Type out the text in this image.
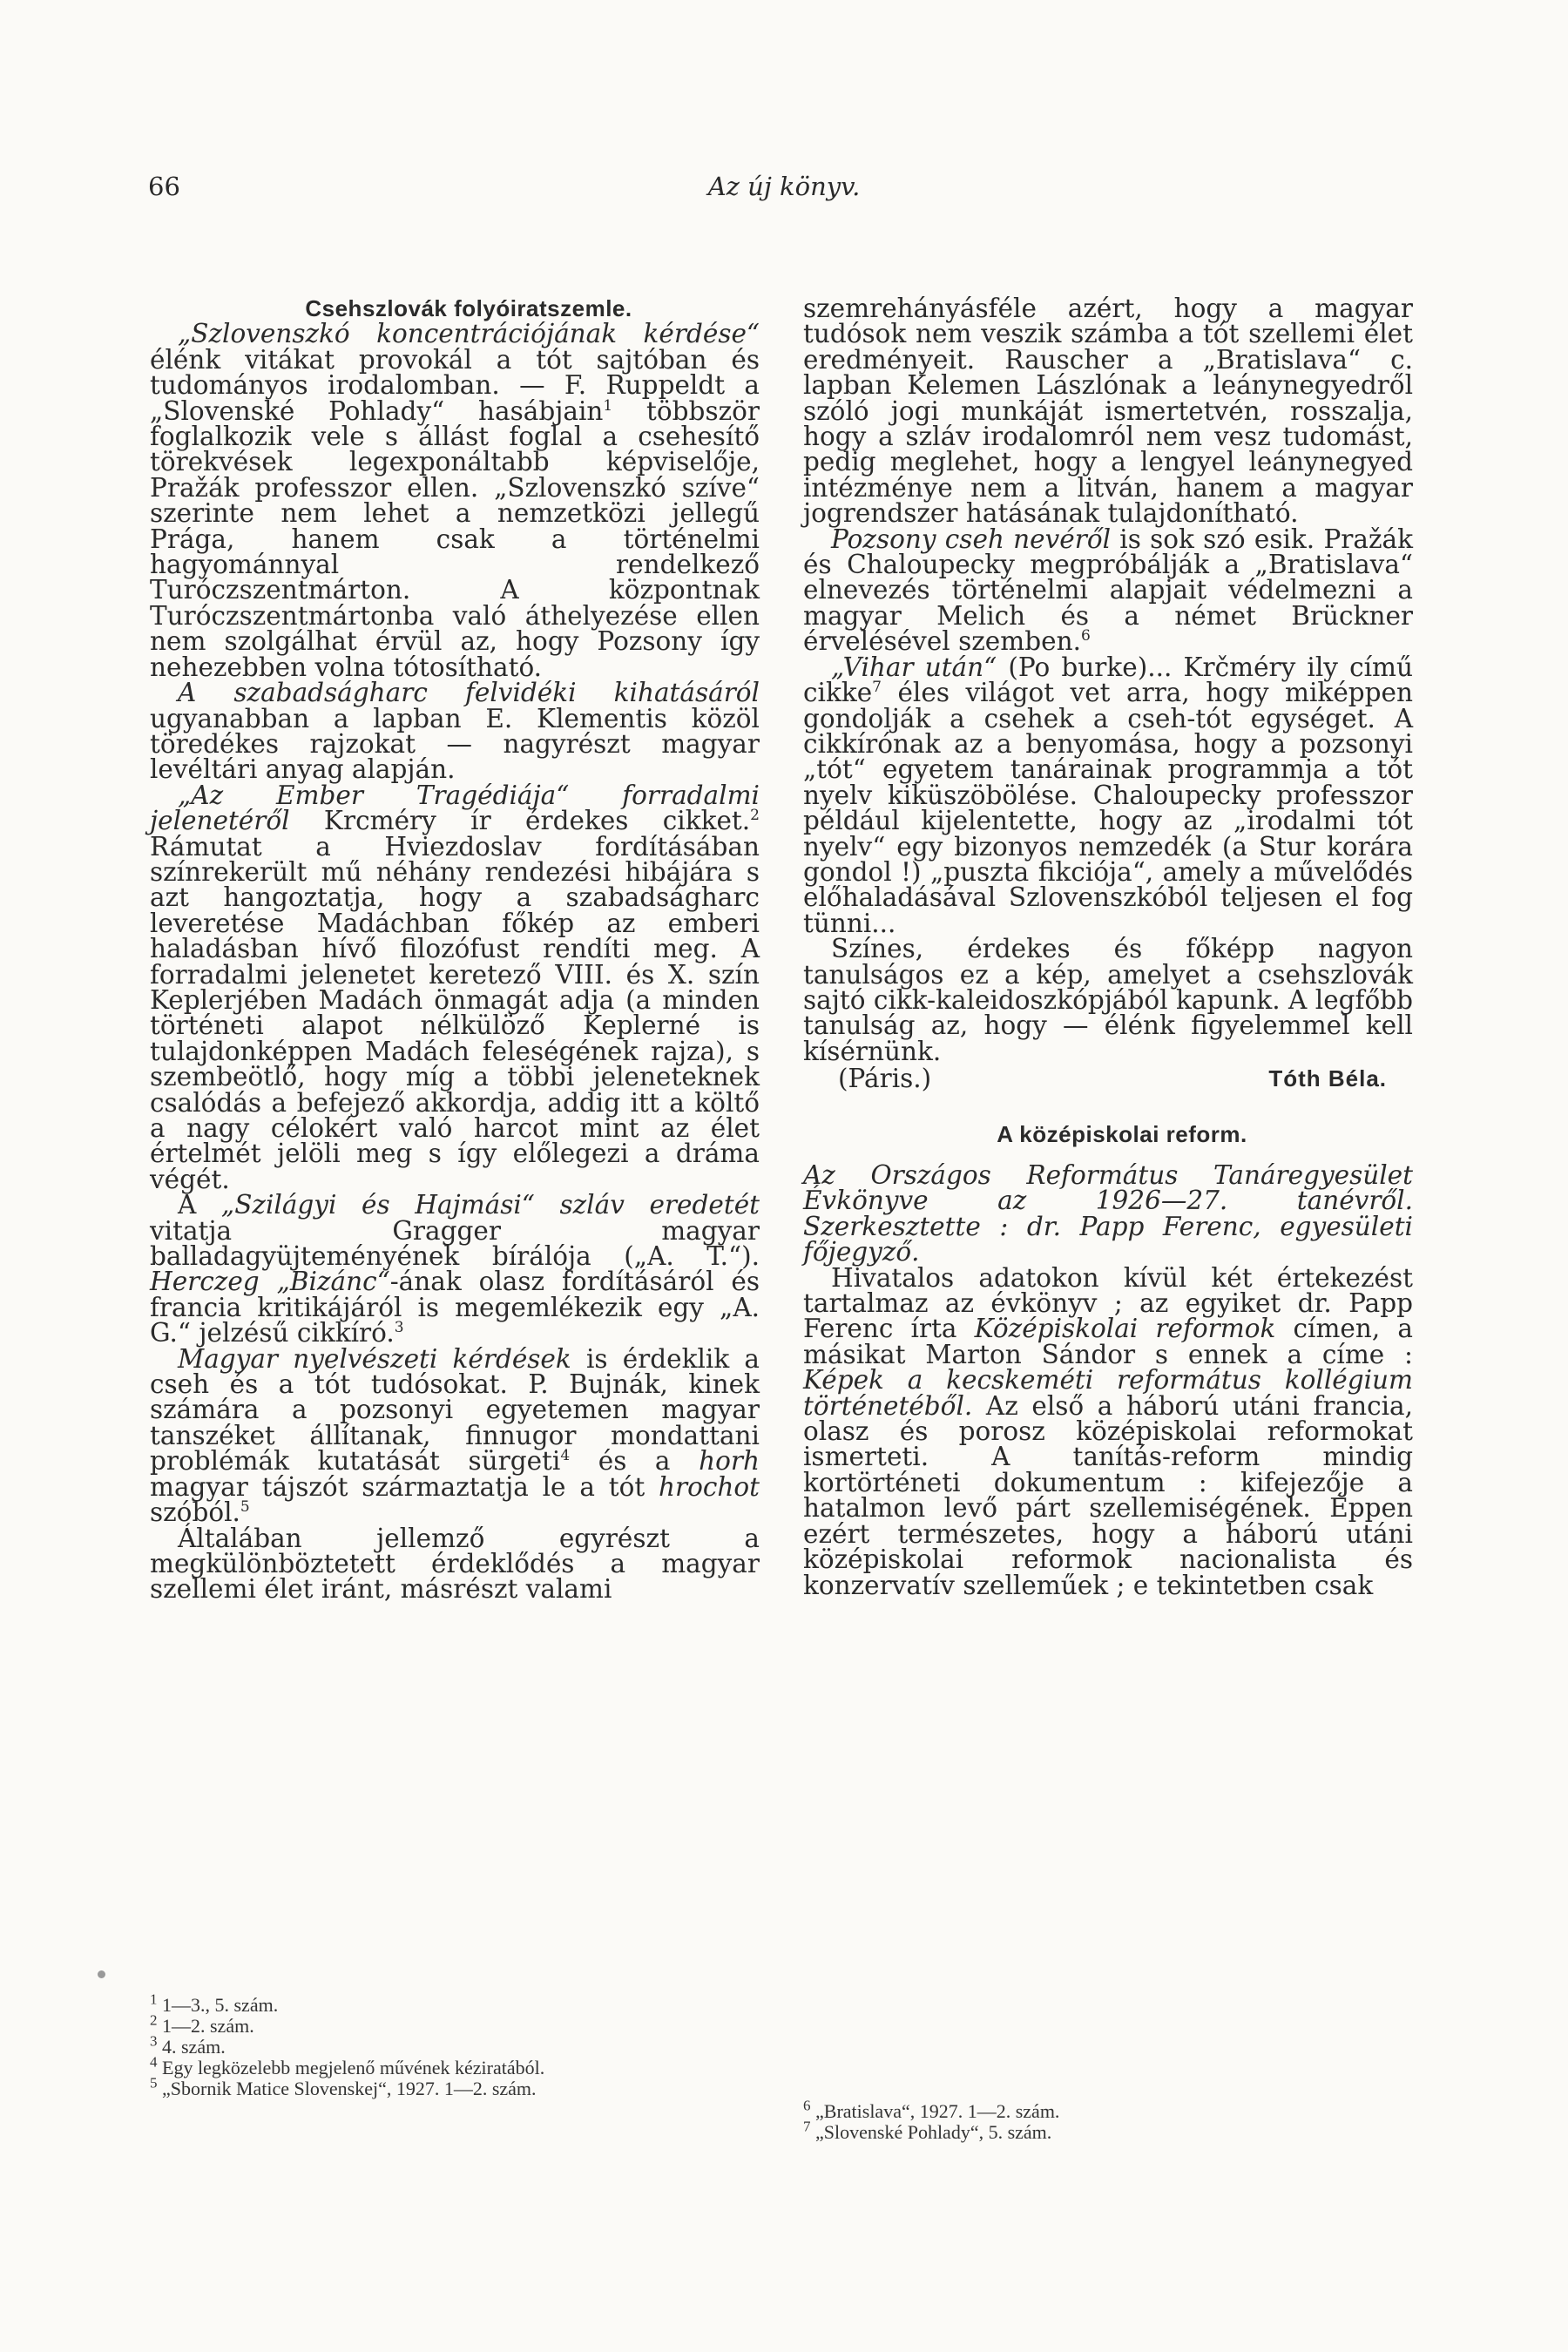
66	Az új könyv.

Csehszlovák folyóiratszemle.

„Szlovenszkó koncentrációjának kérdése“ élénk vitákat provokál a tót sajtóban és tudományos irodalomban. — F. Ruppeldt a „Slovenské Pohlady“ hasábjain$^1$ többször foglalkozik vele s állást foglal a csehesítő törekvések legexponáltabb képviselője, Pražák professzor ellen. „Szlovenszkó szíve“ szerinte nem lehet a nemzetközi jellegű Prága, hanem csak a történelmi hagyománnyal rendelkező Turóczszentmárton. A központnak Turóczszentmártonba való áthelyezése ellen nem szolgálhat érvül az, hogy Pozsony így nehezebben volna tótosítható.

A szabadságharc felvidéki kihatásáról ugyanabban a lapban E. Klementis közöl töredékes rajzokat — nagyrészt magyar levéltári anyag alapján.

„Az Ember Tragédiája“ forradalmi jelenetéről Krcméry ír érdekes cikket.$^2$ Rámutat a Hviezdoslav fordításában színrekerült mű néhány rendezési hibájára s azt hangoztatja, hogy a szabadságharc leveretése Madáchban főkép az emberi haladásban hívő filozófust rendíti meg. A forradalmi jelenetet keretező VIII. és X. szín Keplerjében Madách önmagát adja (a minden történeti alapot nélkülöző Keplerné is tulajdonképpen Madách feleségének rajza), s szembeötlő, hogy míg a többi jeleneteknek csalódás a befejező akkordja, addig itt a költő a nagy célokért való harcot mint az élet értelmét jelöli meg s így előlegezi a dráma végét.

A „Szilágyi és Hajmási“ szláv eredetét vitatja Gragger magyar balladagyüjteményének bírálója („A. T.“). Herczeg „Bizánc“-ának olasz fordításáról és francia kritikájáról is megemlékezik egy „A. G.“ jelzésű cikkíró.$^3$

Magyar nyelvészeti kérdések is érdeklik a cseh és a tót tudósokat. P. Bujnák, kinek számára a pozsonyi egyetemen magyar tanszéket állítanak, finnugor mondattani problémák kutatását sürgeti$^4$ és a horh magyar tájszót származtatja le a tót hrochot szóból.$^5$

Általában jellemző egyrészt a megkülönböztetett érdeklődés a magyar szellemi élet iránt, másrészt valami

$^1$ 1—3., 5. szám.

$^2$ 1—2. szám.

$^3$ 4. szám.

$^4$ Egy legközelebb megjelenő művének kéziratából.

$^5$ „Sbornik Matice Slovenskej“, 1927. 1—2. szám.

szemrehányásféle azért, hogy a magyar tudósok nem veszik számba a tót szellemi élet eredményeit. Rauscher a „Bratislava“ c. lapban Kelemen Lászlónak a leánynegyedről szóló jogi munkáját ismertetvén, rosszalja, hogy a szláv irodalomról nem vesz tudomást, pedig meglehet, hogy a lengyel leánynegyed intézménye nem a litván, hanem a magyar jogrendszer hatásának tulajdonítható.

Pozsony cseh nevéről is sok szó esik. Pražák és Chaloupecky megpróbálják a „Bratislava“ elnevezés történelmi alapjait védelmezni a magyar Melich és a német Brückner érvelésével szemben.$^6$

„Vihar után“ (Po burke)... Krčméry ily című cikke$^7$ éles világot vet arra, hogy miképpen gondolják a csehek a cseh-tót egységet. A cikkírónak az a benyomása, hogy a pozsonyi „tót“ egyetem tanárainak programmja a tót nyelv kiküszöbölése. Chaloupecky professzor például kijelentette, hogy az „irodalmi tót nyelv“ egy bizonyos nemzedék (a Stur korára gondol !) „puszta fikciója“, amely a művelődés előhaladásával Szlovenszkóból teljesen el fog tünni...

Színes, érdekes és főképp nagyon tanulságos ez a kép, amelyet a csehszlovák sajtó cikk-kaleidoszkópjából kapunk. A legfőbb tanulság az, hogy — élénk figyelemmel kell kísérnünk.

(Páris.)	Tóth Béla.

A középiskolai reform.

Az Országos Református Tanáregyesület Évkönyve az 1926—27. tanévről. Szerkesztette : dr. Papp Ferenc, egyesületi főjegyző.

Hivatalos adatokon kívül két értekezést tartalmaz az évkönyv ; az egyiket dr. Papp Ferenc írta Középiskolai reformok címen, a másikat Marton Sándor s ennek a címe : Képek a kecskeméti református kollégium történetéből. Az első a háború utáni francia, olasz és porosz középiskolai reformokat ismerteti. A tanítás-reform mindig kortörténeti dokumentum : kifejezője a hatalmon levő párt szellemiségének. Éppen ezért természetes, hogy a háború utáni középiskolai reformok nacionalista és konzervatív szelleműek ; e tekintetben csak

$^6$ „Bratislava“, 1927. 1—2. szám.

$^7$ „Slovenské Pohlady“, 5. szám.
